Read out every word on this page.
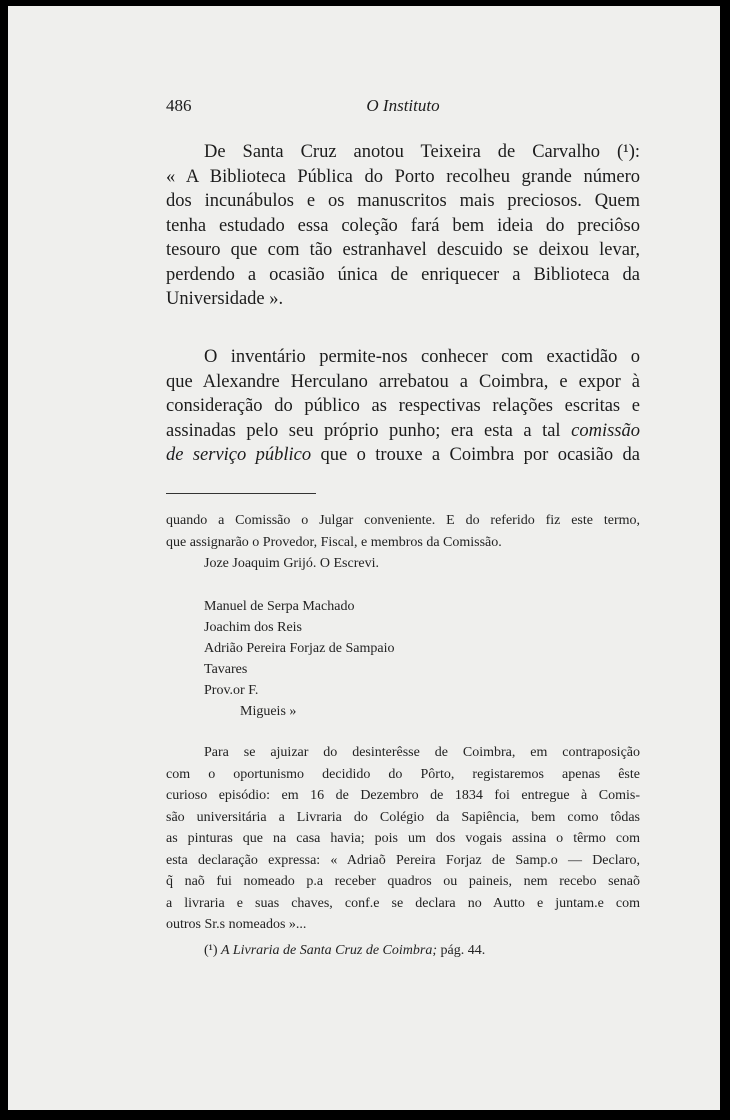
486	O Instituto

De Santa Cruz anotou Teixeira de Carvalho (¹):
« A Biblioteca Pública do Porto recolheu grande número
dos incunábulos e os manuscritos mais preciosos. Quem
tenha estudado essa coleção fará bem ideia do preciôso
tesouro que com tão estranhavel descuido se deixou levar,
perdendo a ocasião única de enriquecer a Biblioteca da
Universidade ».

O inventário permite-nos conhecer com exactidão o
que Alexandre Herculano arrebatou a Coimbra, e expor à
consideração do público as respectivas relações escritas e
assinadas pelo seu próprio punho; era esta a tal comissão
de serviço público que o trouxe a Coimbra por ocasião da

quando a Comissão o Julgar conveniente. E do referido fiz este termo,
que assignarão o Provedor, Fiscal, e membros da Comissão.
Joze Joaquim Grijó. O Escrevi.
Manuel de Serpa Machado
Joachim dos Reis
Adrião Pereira Forjaz de Sampaio
Tavares
Prov.or F.
Migueis »
Para se ajuizar do desinterêsse de Coimbra, em contraposição
com o oportunismo decidido do Pôrto, registaremos apenas êste
curioso episódio: em 16 de Dezembro de 1834 foi entregue à Comis-
são universitária a Livraria do Colégio da Sapiência, bem como tôdas
as pinturas que na casa havia; pois um dos vogais assina o têrmo com
esta declaração expressa: « Adriaõ Pereira Forjaz de Samp.o — Declaro,
q̃ naõ fui nomeado p.a receber quadros ou paineis, nem recebo senaõ
a livraria e suas chaves, conf.e se declara no Autto e juntam.e com
outros Sr.s nomeados »...
(¹) A Livraria de Santa Cruz de Coimbra; pág. 44.
